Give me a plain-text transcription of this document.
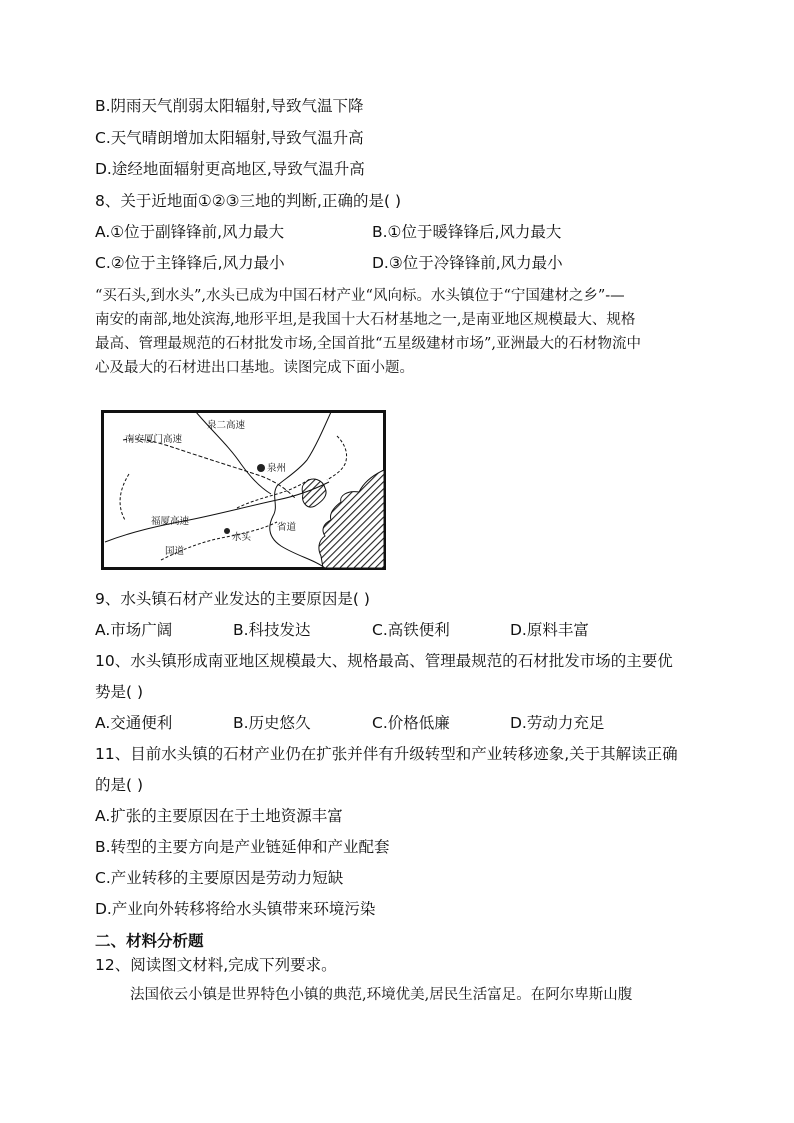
B.阴雨天气削弱太阳辐射,导致气温下降
C.天气晴朗增加太阳辐射,导致气温升高
D.途经地面辐射更高地区,导致气温升高
8、关于近地面①②③三地的判断,正确的是( )
A.①位于副锋锋前,风力最大	B.①位于暖锋锋后,风力最大
C.②位于主锋锋后,风力最小	D.③位于冷锋锋前,风力最小
“买石头,到水头”,水头已成为中国石材产业“风向标。水头镇位于“宁国建材之乡”-—
南安的南部,地处滨海,地形平坦,是我国十大石材基地之一,是南亚地区规模最大、规格
最高、管理最规范的石材批发市场,全国首批“五星级建材市场”,亚洲最大的石材物流中
心及最大的石材进出口基地。读图完成下面小题。
泉二高速
南安厦门高速
泉州
福厦高速
省道
水头
国道
9、水头镇石材产业发达的主要原因是( )
A.市场广阔	B.科技发达	C.高铁便利	D.原料丰富
10、水头镇形成南亚地区规模最大、规格最高、管理最规范的石材批发市场的主要优
势是( )
A.交通便利	B.历史悠久	C.价格低廉	D.劳动力充足
11、目前水头镇的石材产业仍在扩张并伴有升级转型和产业转移迹象,关于其解读正确
的是( )
A.扩张的主要原因在于土地资源丰富
B.转型的主要方向是产业链延伸和产业配套
C.产业转移的主要原因是劳动力短缺
D.产业向外转移将给水头镇带来环境污染
二、材料分析题
12、阅读图文材料,完成下列要求。
法国依云小镇是世界特色小镇的典范,环境优美,居民生活富足。在阿尔卑斯山腹
